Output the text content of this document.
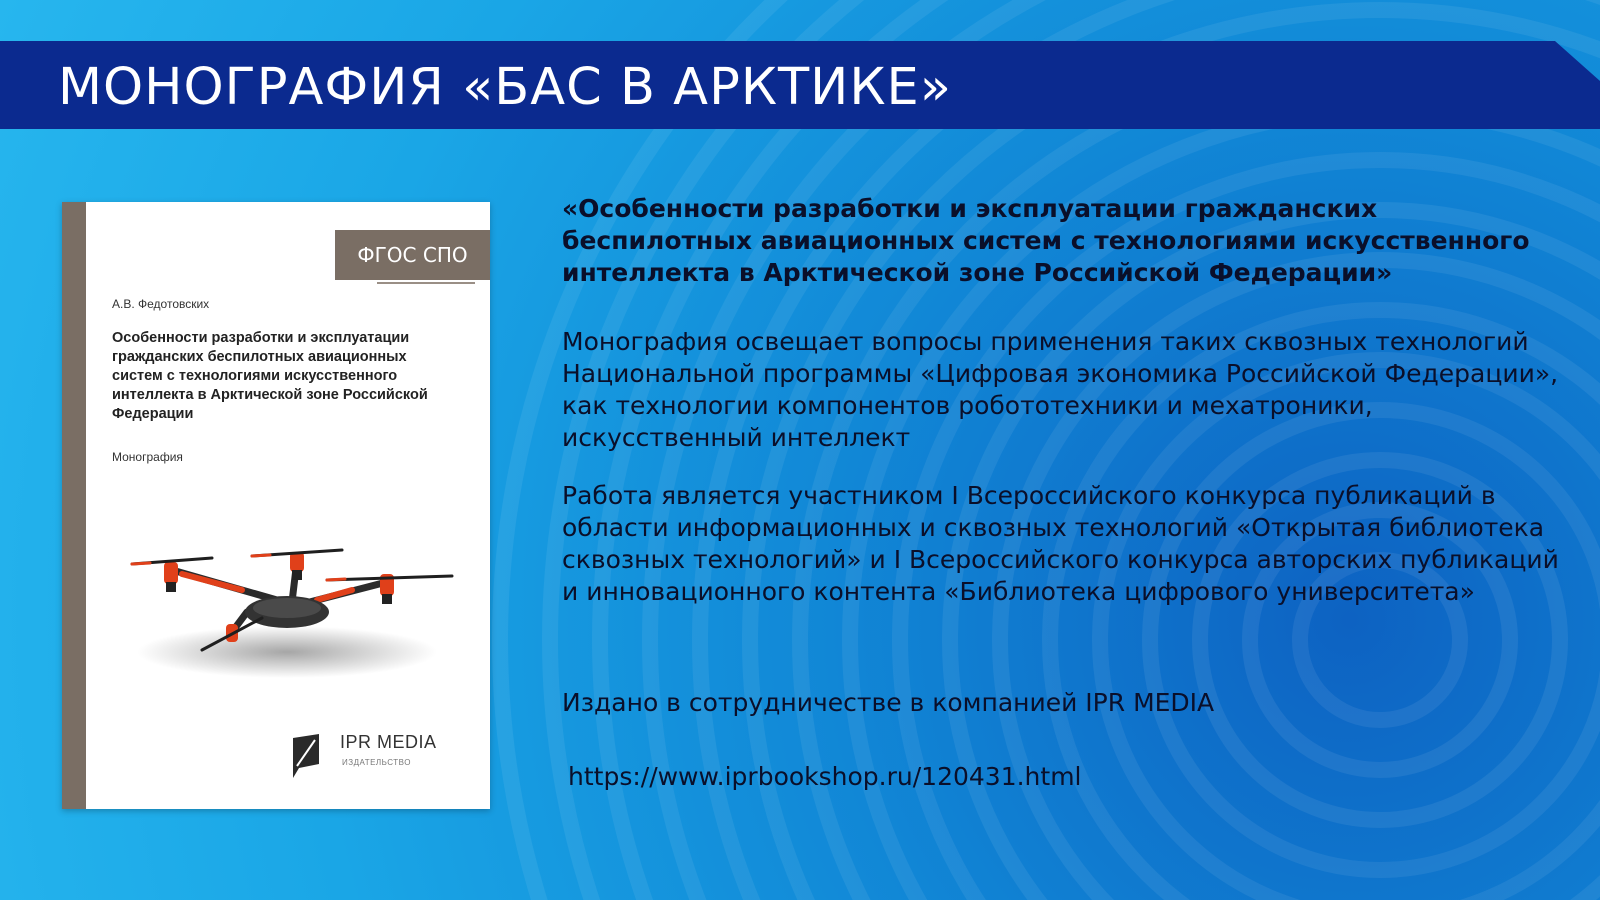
МОНОГРАФИЯ «БАС В АРКТИКЕ»
ФГОС СПО
А.В. Федотовских

Особенности разработки и эксплуатации гражданских беспилотных авиационных систем с технологиями искусственного интеллекта в Арктической зоне Российской Федерации

Монография
IPR MEDIA
ИЗДАТЕЛЬСТВО
«Особенности разработки и эксплуатации гражданских беспилотных авиационных систем с технологиями искусственного интеллекта в Арктической зоне Российской Федерации»

Монография освещает вопросы применения таких сквозных технологий Национальной программы «Цифровая экономика Российской Федерации», как технологии компонентов робототехники и мехатроники, искусственный интеллект

Работа является участником I Всероссийского конкурса публикаций в области информационных и сквозных технологий «Открытая библиотека сквозных технологий» и I Всероссийского конкурса авторских публикаций и инновационного контента «Библиотека цифрового университета»

Издано в сотрудничестве в компанией IPR MEDIA

https://www.iprbookshop.ru/120431.html
